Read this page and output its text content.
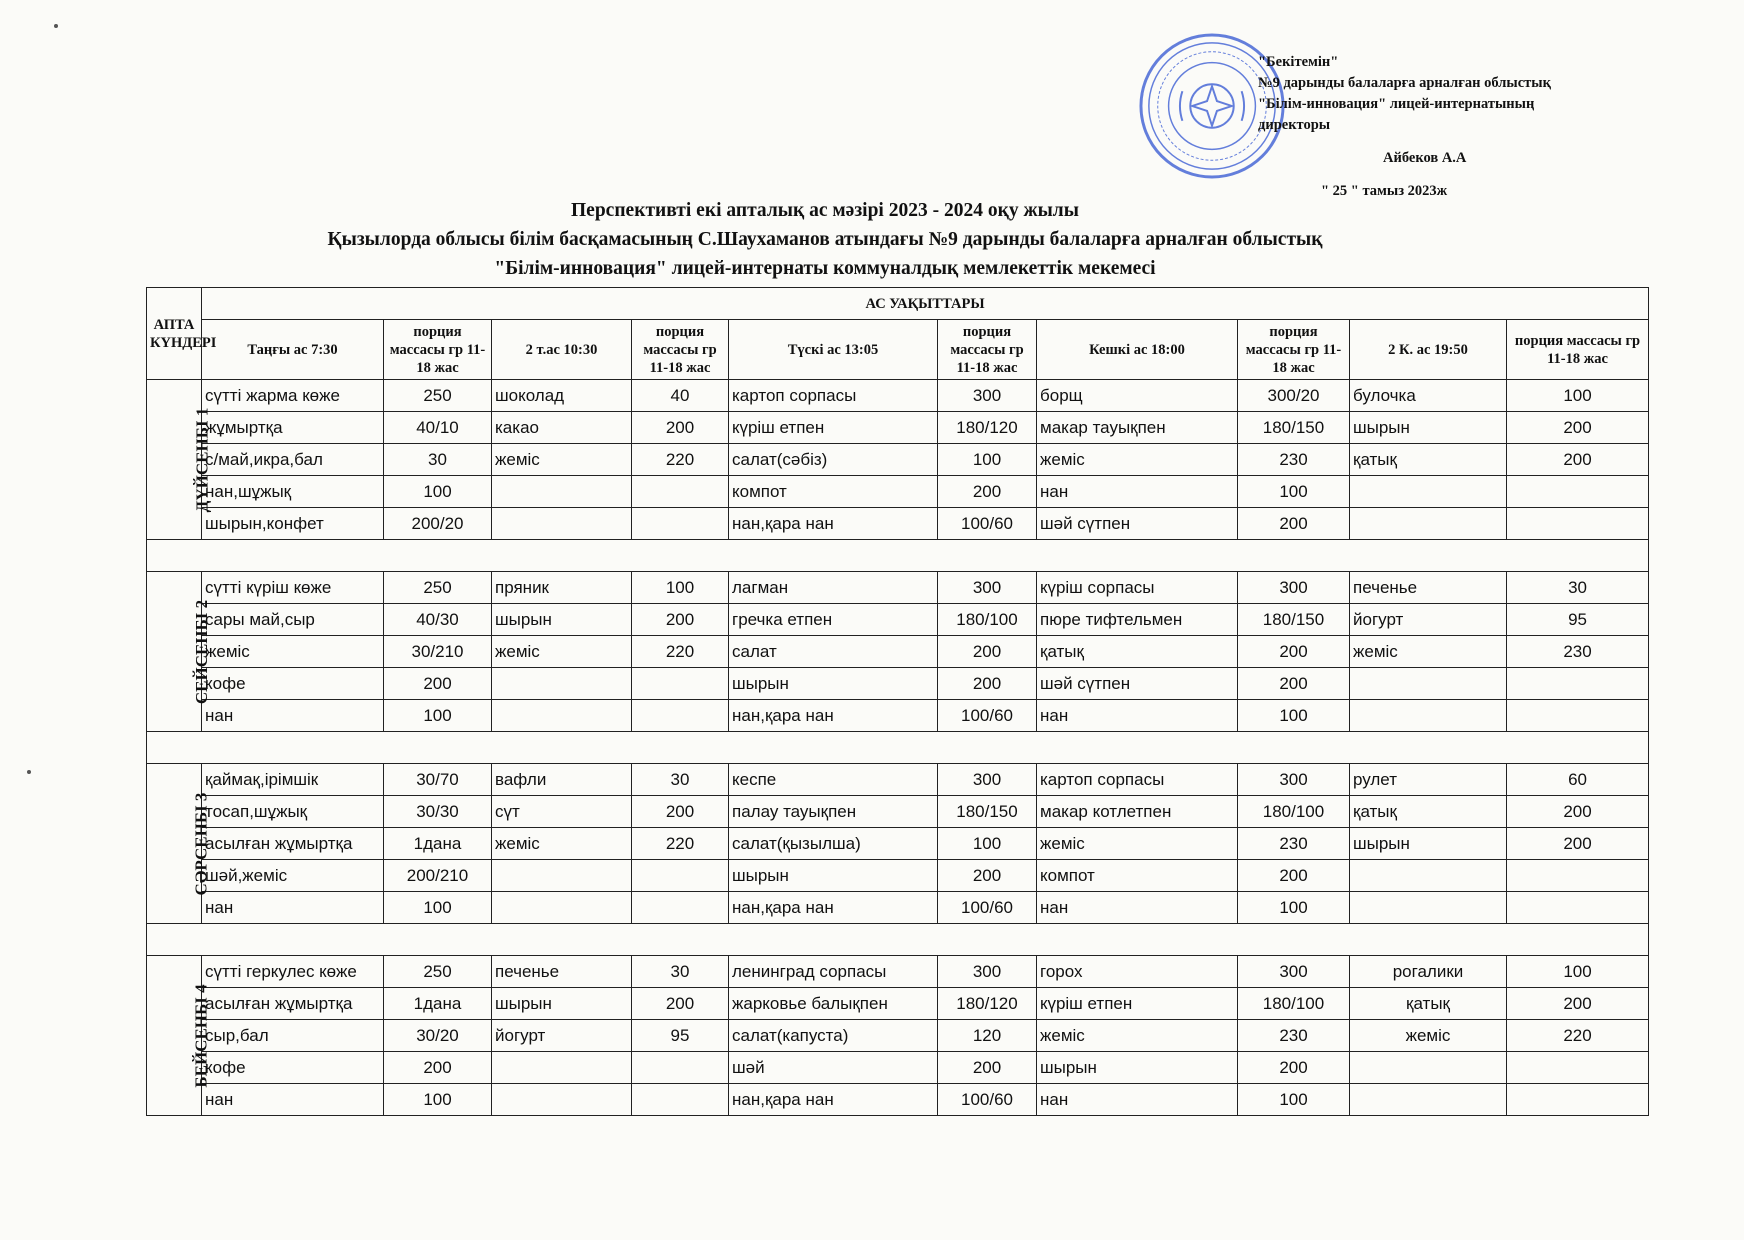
"Бекітемін"
№9 дарынды балаларға арналған облыстық
"Білім-инновация" лицей-интернатының
директоры
Айбеков А.А
" 25 " тамыз 2023ж
Перспективті екі апталық ас мәзірі 2023 - 2024 оқу жылы
Қызылорда облысы білім басқамасының С.Шаухаманов атындағы №9 дарынды балаларға арналған облыстық
"Білім-инновация" лицей-интернаты коммуналдық мемлекеттік мекемесі
АПТА КҮНДЕРІ	АС УАҚЫТТАРЫ									
	Таңғы ас 7:30	порция массасы гр 11-18 жас	2 т.ас 10:30	порция массасы гр 11-18 жас	Түскі ас 13:05	порция массасы гр 11-18 жас	Кешкі ас 18:00	порция массасы гр 11-18 жас	2 К. ас 19:50	порция массасы гр 11-18 жас
ДҮЙСЕНБІ 1	сүтті жарма көже	250	шоколад	40	картоп сорпасы	300	борщ	300/20	булочка	100
	жұмыртқа	40/10	какао	200	күріш етпен	180/120	макар тауықпен	180/150	шырын	200
	с/май,икра,бал	30	жеміс	220	салат(сәбіз)	100	жеміс	230	қатық	200
	нан,шұжық	100			компот	200	нан	100		
	шырын,конфет	200/20			нан,қара нан	100/60	шәй сүтпен	200		

СЕЙСЕНБІ 2	сүтті күріш көже	250	пряник	100	лагман	300	күріш сорпасы	300	печенье	30
	сары май,сыр	40/30	шырын	200	гречка етпен	180/100	пюре тифтельмен	180/150	йогурт	95
	жеміс	30/210	жеміс	220	салат	200	қатық	200	жеміс	230
	кофе	200			шырын	200	шәй сүтпен	200		
	нан	100			нан,қара нан	100/60	нан	100		

СӘРСЕНБІ 3	қаймақ,ірімшік	30/70	вафли	30	кеспе	300	картоп сорпасы	300	рулет	60
	тосап,шұжық	30/30	сүт	200	палау тауықпен	180/150	макар котлетпен	180/100	қатық	200
	асылған жұмыртқа	1дана	жеміс	220	салат(қызылша)	100	жеміс	230	шырын	200
	шәй,жеміс	200/210			шырын	200	компот	200		
	нан	100			нан,қара нан	100/60	нан	100		

БЕЙСЕНБІ 4	сүтті геркулес көже	250	печенье	30	ленинград сорпасы	300	горох	300	рогалики	100
	асылған жұмыртқа	1дана	шырын	200	жарковье балықпен	180/120	күріш етпен	180/100	қатық	200
	сыр,бал	30/20	йогурт	95	салат(капуста)	120	жеміс	230	жеміс	220
	кофе	200			шәй	200	шырын	200		
	нан	100			нан,қара нан	100/60	нан	100		
